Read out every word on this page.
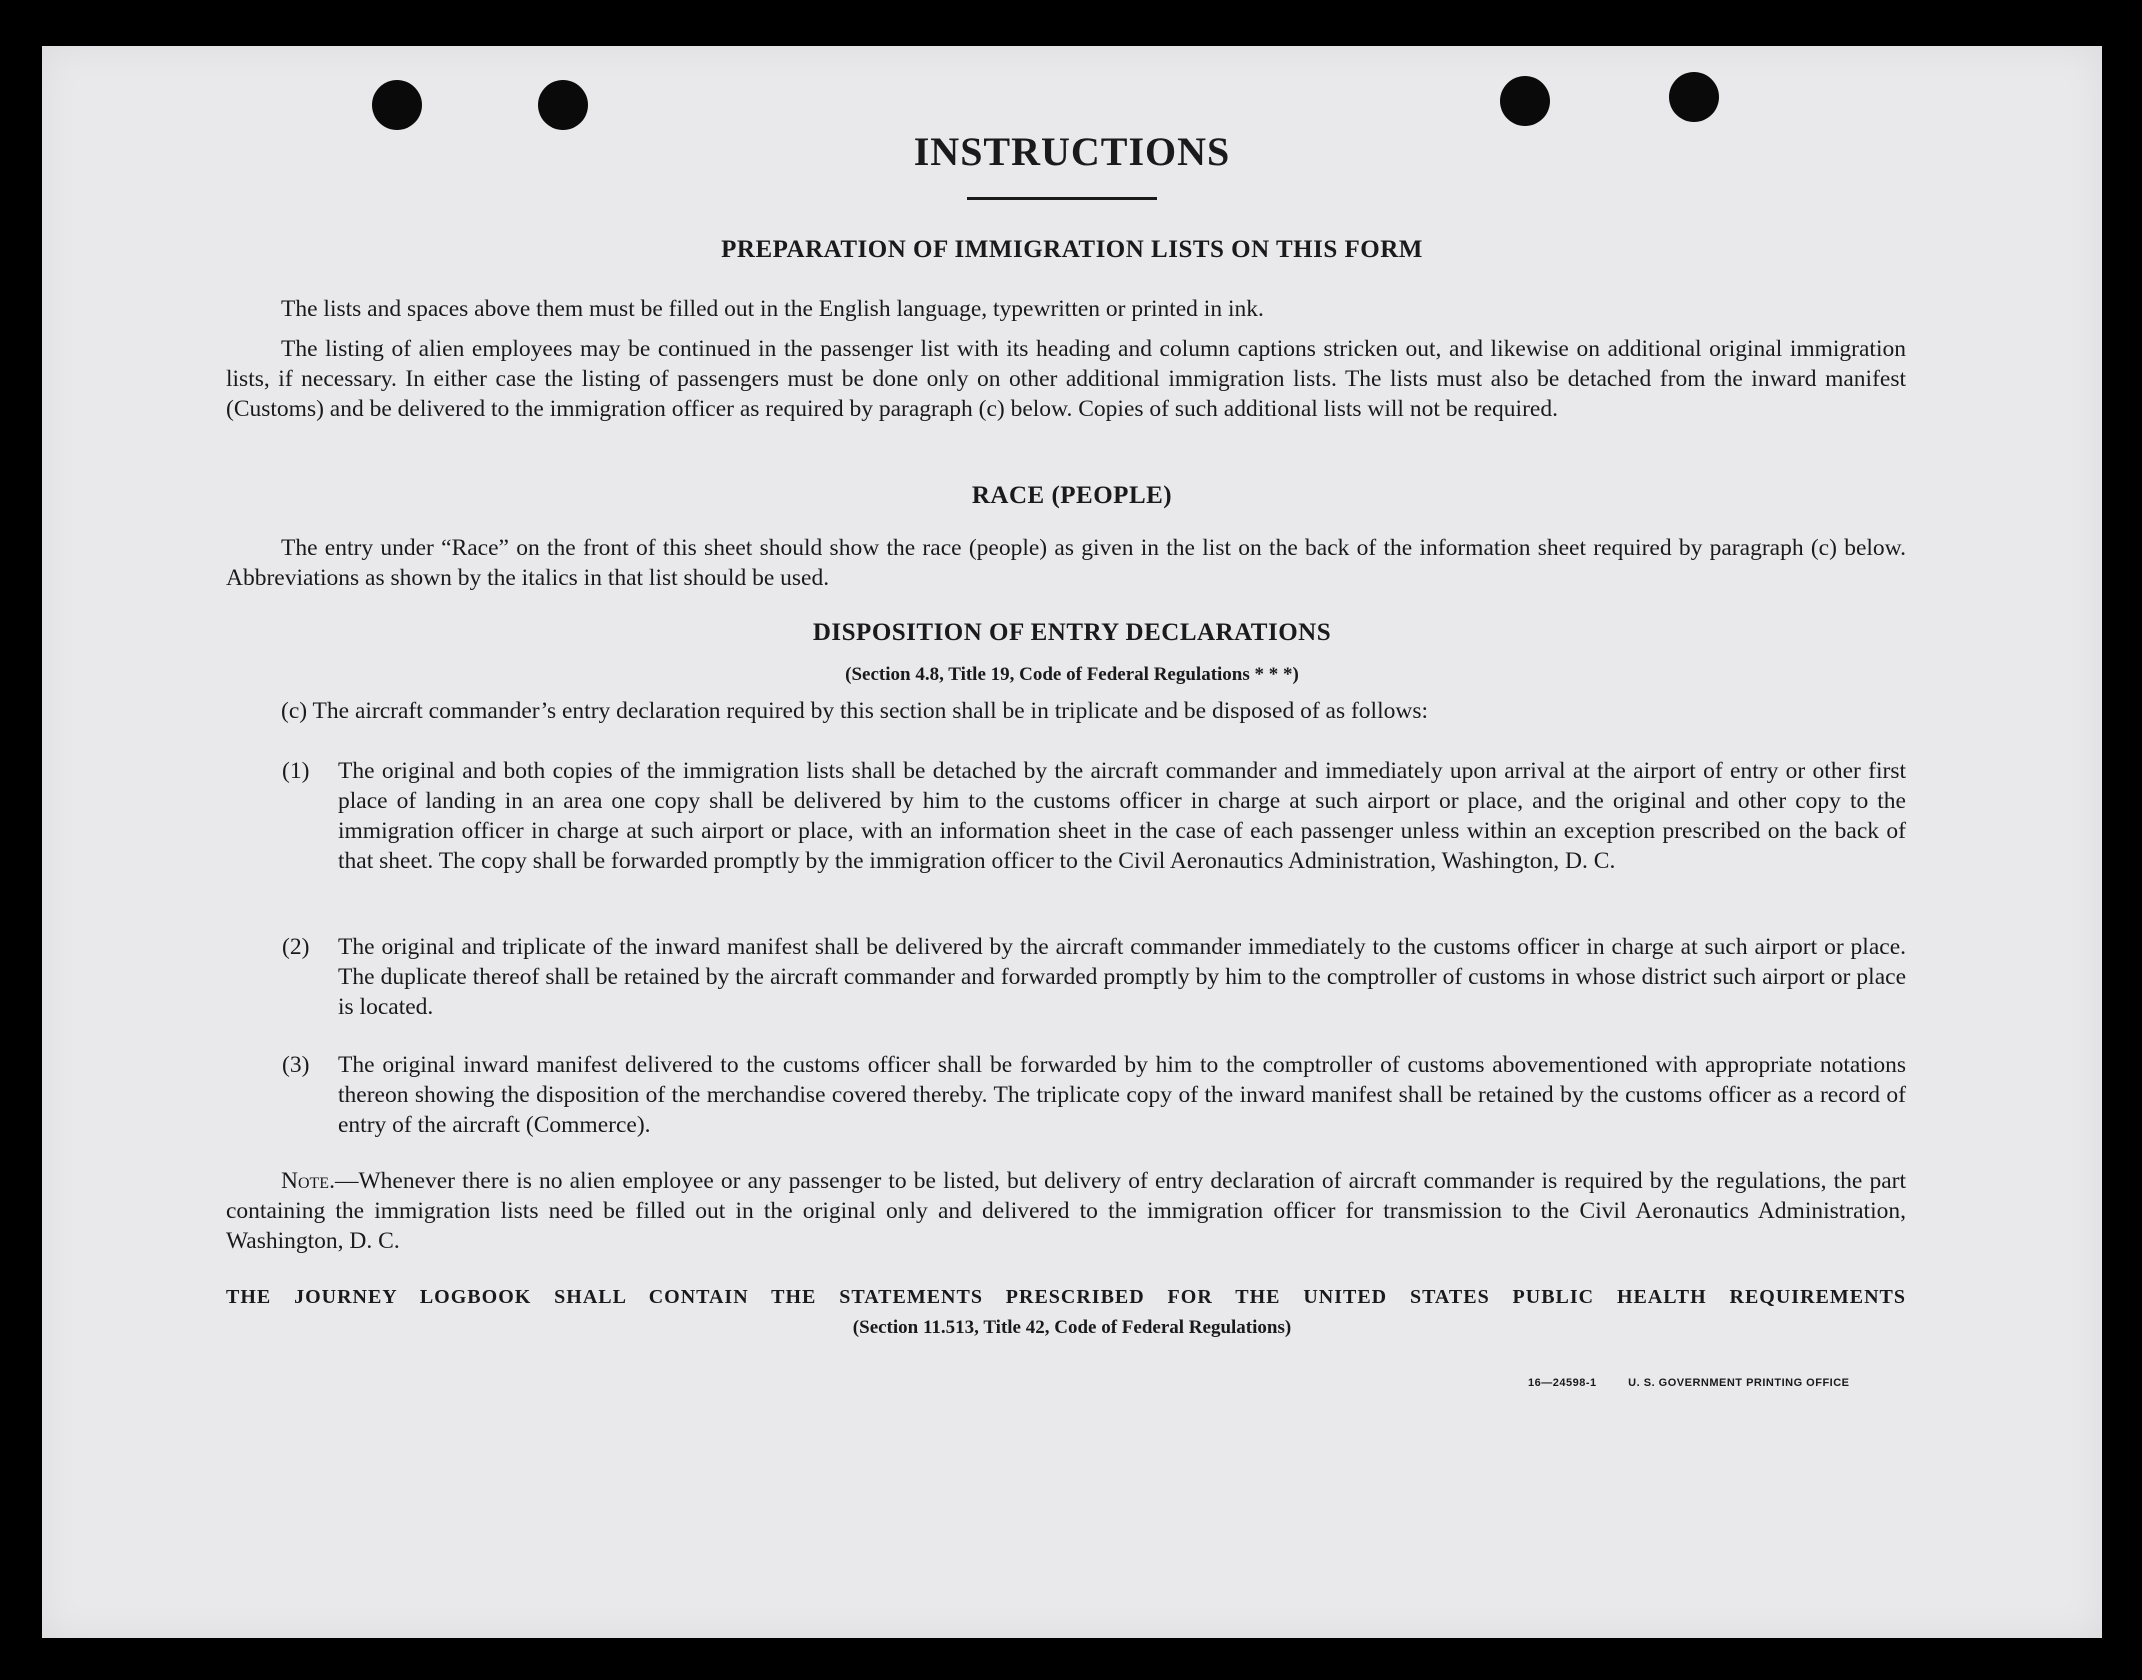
INSTRUCTIONS
PREPARATION OF IMMIGRATION LISTS ON THIS FORM
The lists and spaces above them must be filled out in the English language, typewritten or printed in ink.
The listing of alien employees may be continued in the passenger list with its heading and column captions stricken out, and likewise on additional original immigration lists, if necessary. In either case the listing of passengers must be done only on other additional immigration lists. The lists must also be detached from the inward manifest (Customs) and be delivered to the immigration officer as required by paragraph (c) below. Copies of such additional lists will not be required.
RACE (PEOPLE)
The entry under “Race” on the front of this sheet should show the race (people) as given in the list on the back of the information sheet required by paragraph (c) below. Abbreviations as shown by the italics in that list should be used.
DISPOSITION OF ENTRY DECLARATIONS
(Section 4.8, Title 19, Code of Federal Regulations * * *)
(c) The aircraft commander’s entry declaration required by this section shall be in triplicate and be disposed of as follows:
(1) The original and both copies of the immigration lists shall be detached by the aircraft commander and immediately upon arrival at the airport of entry or other first place of landing in an area one copy shall be delivered by him to the customs officer in charge at such airport or place, and the original and other copy to the immigration officer in charge at such airport or place, with an information sheet in the case of each passenger unless within an exception prescribed on the back of that sheet. The copy shall be forwarded promptly by the immigration officer to the Civil Aeronautics Administration, Washington, D. C.
(2) The original and triplicate of the inward manifest shall be delivered by the aircraft commander immediately to the customs officer in charge at such airport or place. The duplicate thereof shall be retained by the aircraft commander and forwarded promptly by him to the comptroller of customs in whose district such airport or place is located.
(3) The original inward manifest delivered to the customs officer shall be forwarded by him to the comptroller of customs abovementioned with appropriate notations thereon showing the disposition of the merchandise covered thereby. The triplicate copy of the inward manifest shall be retained by the customs officer as a record of entry of the aircraft (Commerce).
Note.—Whenever there is no alien employee or any passenger to be listed, but delivery of entry declaration of aircraft commander is required by the regulations, the part containing the immigration lists need be filled out in the original only and delivered to the immigration officer for transmission to the Civil Aeronautics Administration, Washington, D. C.
THE JOURNEY LOGBOOK SHALL CONTAIN THE STATEMENTS PRESCRIBED FOR THE UNITED STATES PUBLIC HEALTH REQUIREMENTS
(Section 11.513, Title 42, Code of Federal Regulations)
16—24598-1	U. S. GOVERNMENT PRINTING OFFICE
